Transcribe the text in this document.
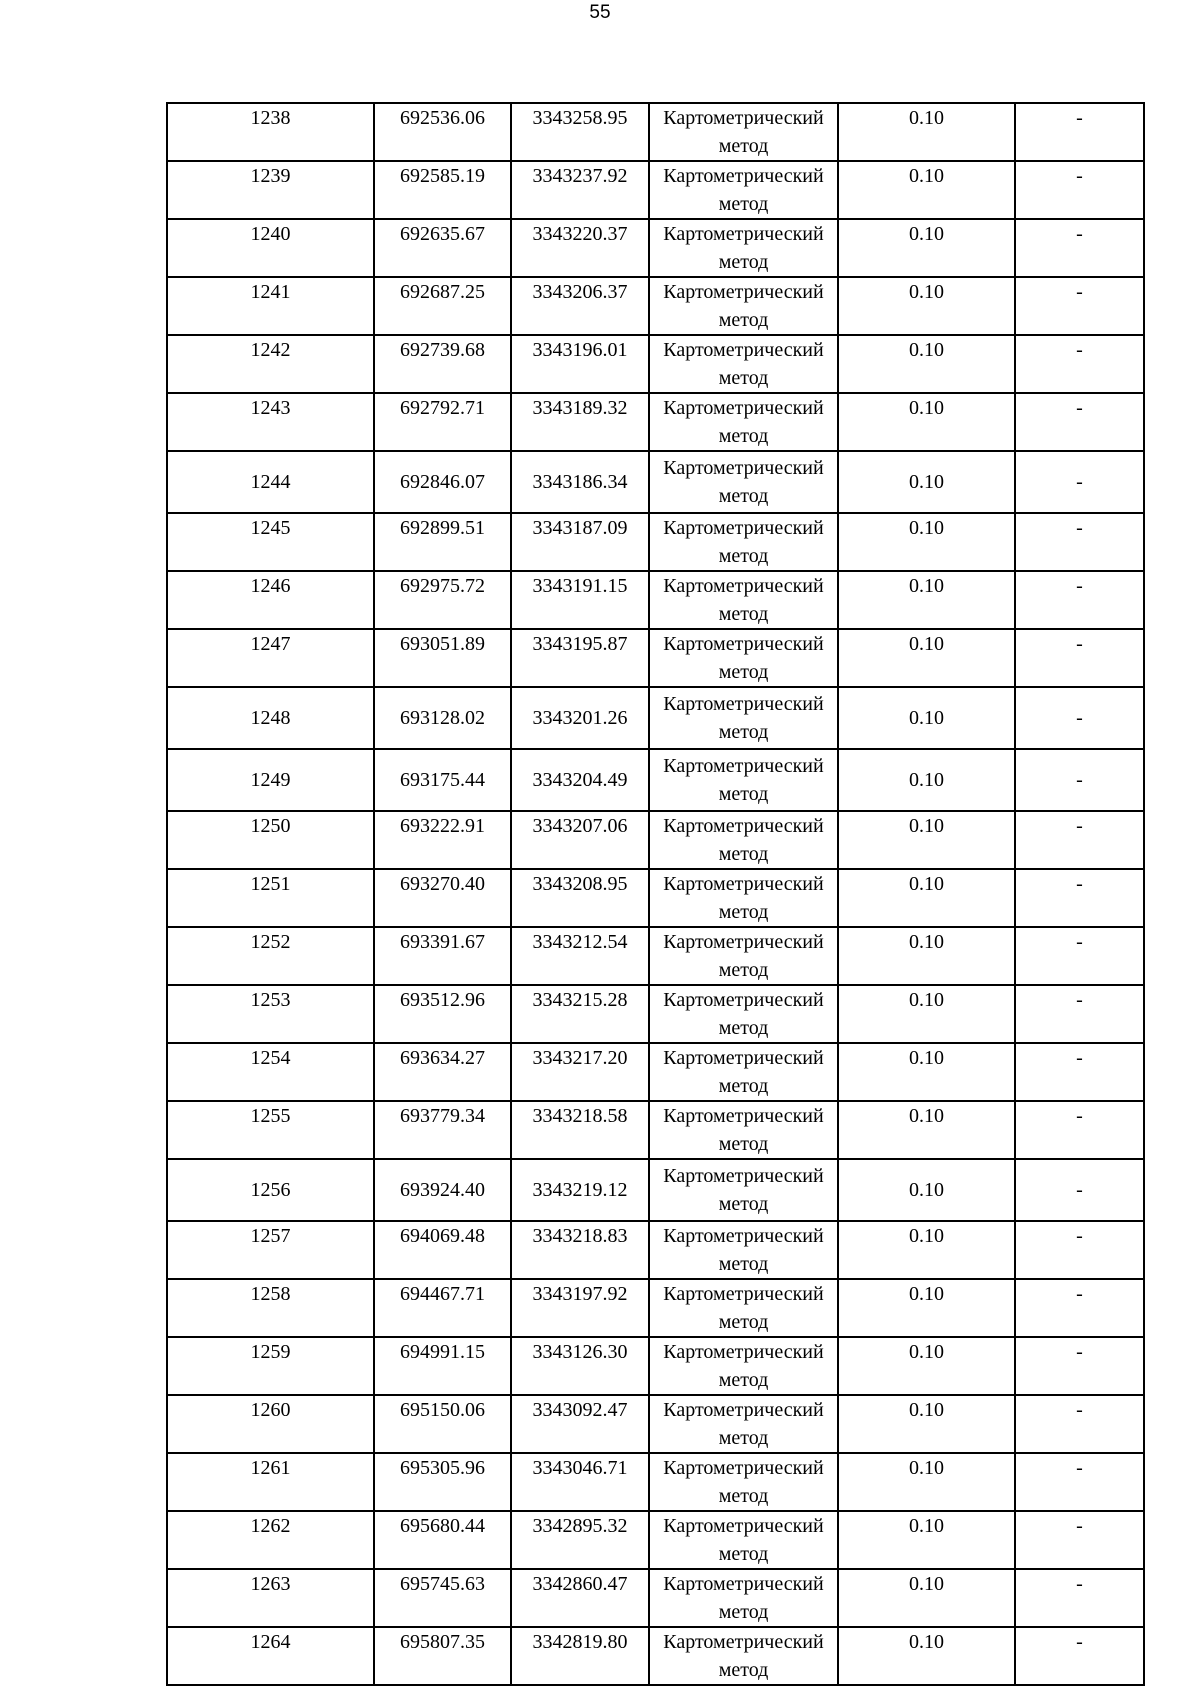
55
1238	692536.06	3343258.95	Картометрический метод	0.10	-
1239	692585.19	3343237.92	Картометрический метод	0.10	-
1240	692635.67	3343220.37	Картометрический метод	0.10	-
1241	692687.25	3343206.37	Картометрический метод	0.10	-
1242	692739.68	3343196.01	Картометрический метод	0.10	-
1243	692792.71	3343189.32	Картометрический метод	0.10	-
1244	692846.07	3343186.34	Картометрический метод	0.10	-
1245	692899.51	3343187.09	Картометрический метод	0.10	-
1246	692975.72	3343191.15	Картометрический метод	0.10	-
1247	693051.89	3343195.87	Картометрический метод	0.10	-
1248	693128.02	3343201.26	Картометрический метод	0.10	-
1249	693175.44	3343204.49	Картометрический метод	0.10	-
1250	693222.91	3343207.06	Картометрический метод	0.10	-
1251	693270.40	3343208.95	Картометрический метод	0.10	-
1252	693391.67	3343212.54	Картометрический метод	0.10	-
1253	693512.96	3343215.28	Картометрический метод	0.10	-
1254	693634.27	3343217.20	Картометрический метод	0.10	-
1255	693779.34	3343218.58	Картометрический метод	0.10	-
1256	693924.40	3343219.12	Картометрический метод	0.10	-
1257	694069.48	3343218.83	Картометрический метод	0.10	-
1258	694467.71	3343197.92	Картометрический метод	0.10	-
1259	694991.15	3343126.30	Картометрический метод	0.10	-
1260	695150.06	3343092.47	Картометрический метод	0.10	-
1261	695305.96	3343046.71	Картометрический метод	0.10	-
1262	695680.44	3342895.32	Картометрический метод	0.10	-
1263	695745.63	3342860.47	Картометрический метод	0.10	-
1264	695807.35	3342819.80	Картометрический метод	0.10	-
